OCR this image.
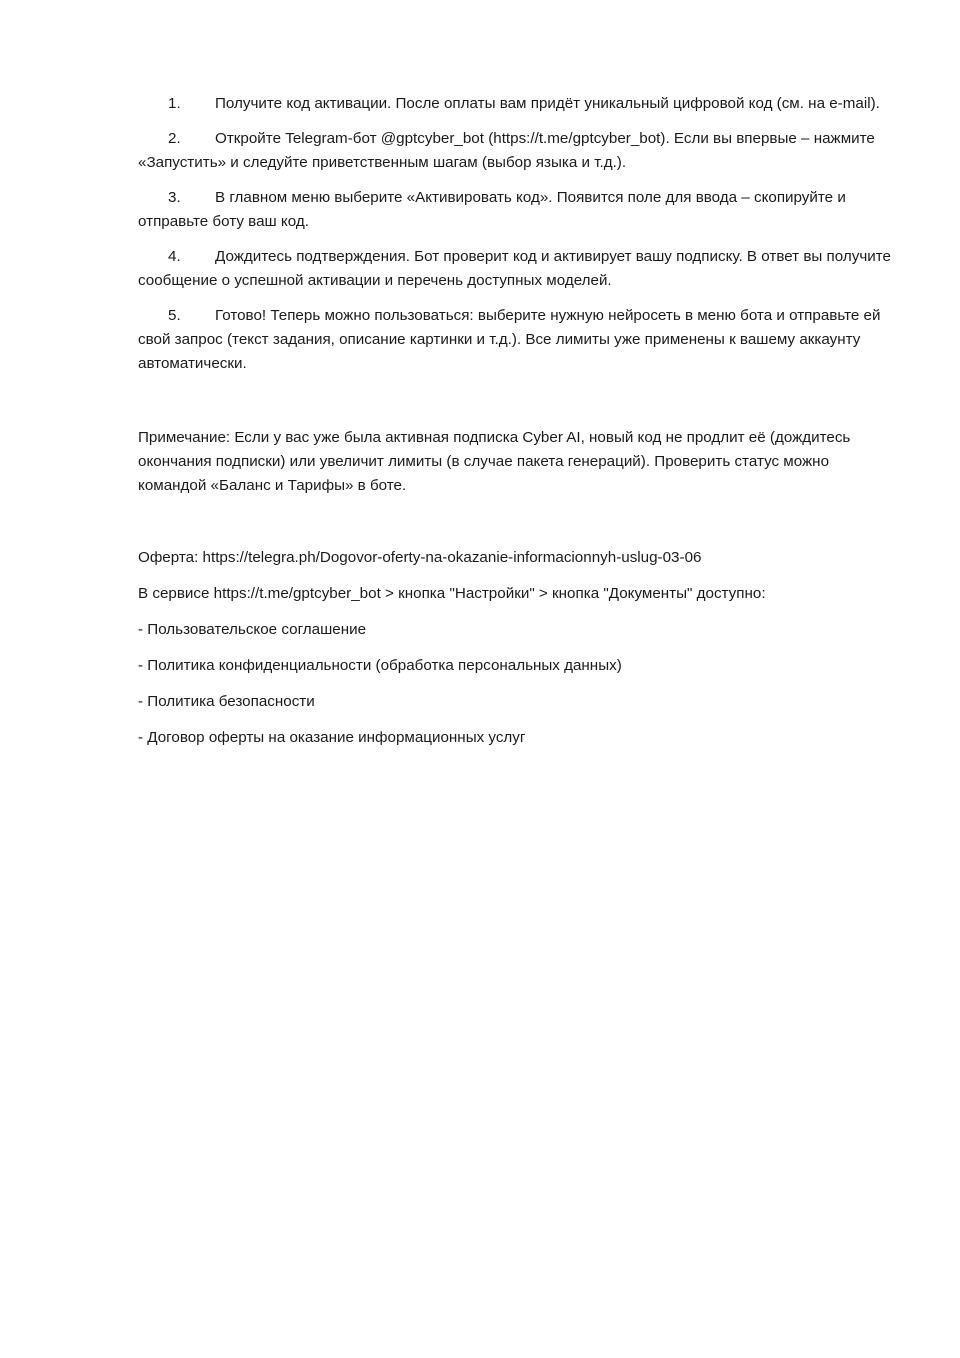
1. Получите код активации. После оплаты вам придёт уникальный цифровой код (см. на e-mail).

2. Откройте Telegram-бот @gptcyber_bot (https://t.me/gptcyber_bot). Если вы впервые – нажмите «Запустить» и следуйте приветственным шагам (выбор языка и т.д.).

3. В главном меню выберите «Активировать код». Появится поле для ввода – скопируйте и отправьте боту ваш код.

4. Дождитесь подтверждения. Бот проверит код и активирует вашу подписку. В ответ вы получите сообщение о успешной активации и перечень доступных моделей.

5. Готово! Теперь можно пользоваться: выберите нужную нейросеть в меню бота и отправьте ей свой запрос (текст задания, описание картинки и т.д.). Все лимиты уже применены к вашему аккаунту автоматически.

Примечание: Если у вас уже была активная подписка Cyber AI, новый код не продлит её (дождитесь окончания подписки) или увеличит лимиты (в случае пакета генераций). Проверить статус можно командой «Баланс и Тарифы» в боте.

Оферта: https://telegra.ph/Dogovor-oferty-na-okazanie-informacionnyh-uslug-03-06

В сервисе https://t.me/gptcyber_bot > кнопка "Настройки" > кнопка "Документы" доступно:

- Пользовательское соглашение

- Политика конфиденциальности (обработка персональных данных)

- Политика безопасности

- Договор оферты на оказание информационных услуг
